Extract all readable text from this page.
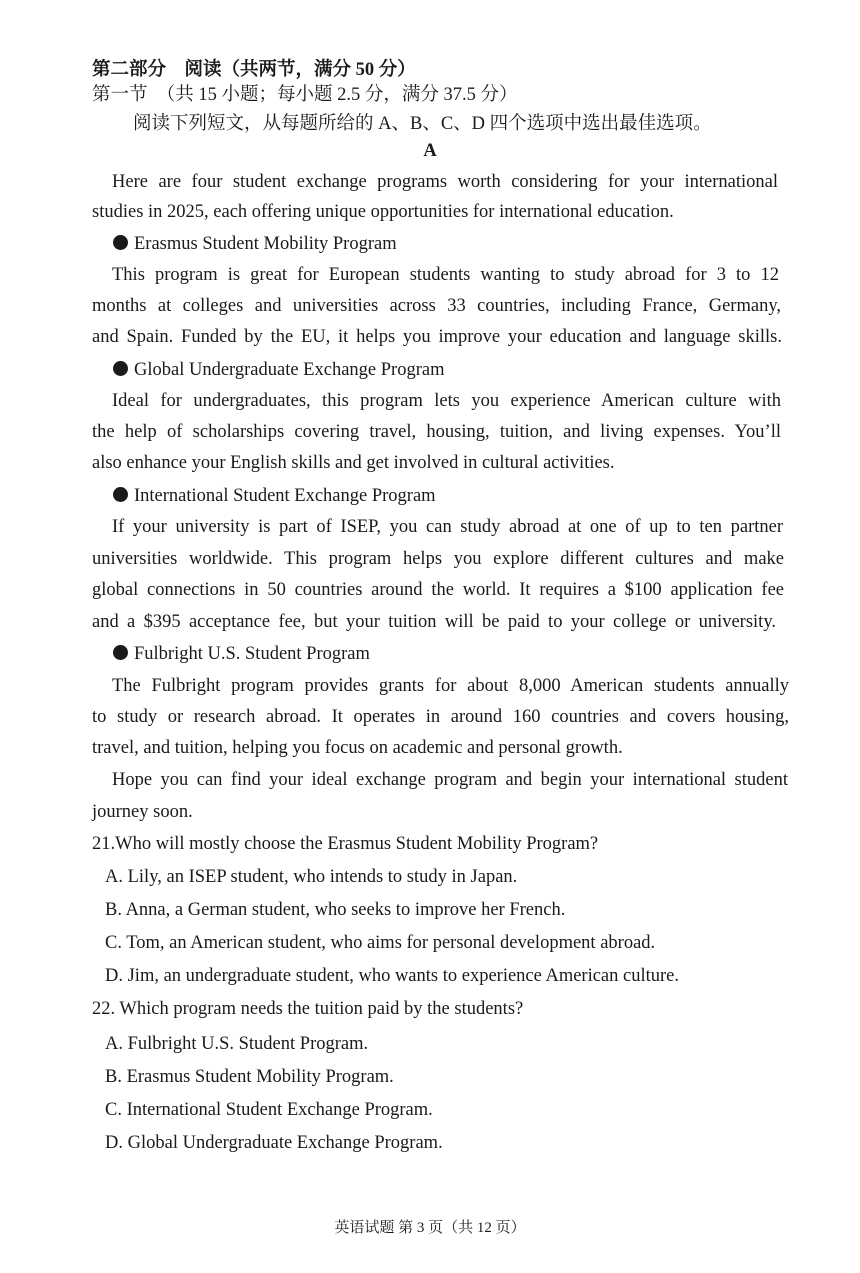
第二部分　阅读（共两节，满分 50 分）
第一节　（共 15 小题；每小题 2.5 分，满分 37.5 分）
阅读下列短文，从每题所给的 A、B、C、D 四个选项中选出最佳选项。
A
Here are four student exchange programs worth considering for your international
studies in 2025, each offering unique opportunities for international education.
Erasmus Student Mobility Program
This program is great for European students wanting to study abroad for 3 to 12
months at colleges and universities across 33 countries, including France, Germany,
and Spain. Funded by the EU, it helps you improve your education and language skills.
Global Undergraduate Exchange Program
Ideal for undergraduates, this program lets you experience American culture with
the help of scholarships covering travel, housing, tuition, and living expenses. You’ll
also enhance your English skills and get involved in cultural activities.
International Student Exchange Program
If your university is part of ISEP, you can study abroad at one of up to ten partner
universities worldwide. This program helps you explore different cultures and make
global connections in 50 countries around the world. It requires a $100 application fee
and a $395 acceptance fee, but your tuition will be paid to your college or university.
Fulbright U.S. Student Program
The Fulbright program provides grants for about 8,000 American students annually
to study or research abroad. It operates in around 160 countries and covers housing,
travel, and tuition, helping you focus on academic and personal growth.
Hope you can find your ideal exchange program and begin your international student
journey soon.
21.Who will mostly choose the Erasmus Student Mobility Program?
A. Lily, an ISEP student, who intends to study in Japan.
B. Anna, a German student, who seeks to improve her French.
C. Tom, an American student, who aims for personal development abroad.
D. Jim, an undergraduate student, who wants to experience American culture.
22. Which program needs the tuition paid by the students?
A. Fulbright U.S. Student Program.
B. Erasmus Student Mobility Program.
C. International Student Exchange Program.
D. Global Undergraduate Exchange Program.
英语试题 第 3 页（共 12 页）
